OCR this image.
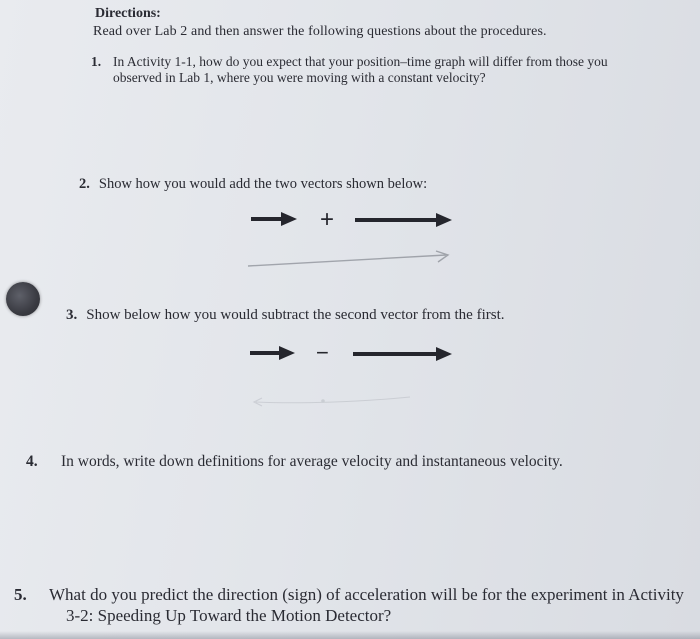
Directions:
Read over Lab 2 and then answer the following questions about the procedures.
1. In Activity 1-1, how do you expect that your position–time graph will differ from those you observed in Lab 1, where you were moving with a constant velocity?
2. Show how you would add the two vectors shown below:
3. Show below how you would subtract the second vector from the first.
4. In words, write down definitions for average velocity and instantaneous velocity.
5. What do you predict the direction (sign) of acceleration will be for the experiment in Activity 3-2: Speeding Up Toward the Motion Detector?
+
−
